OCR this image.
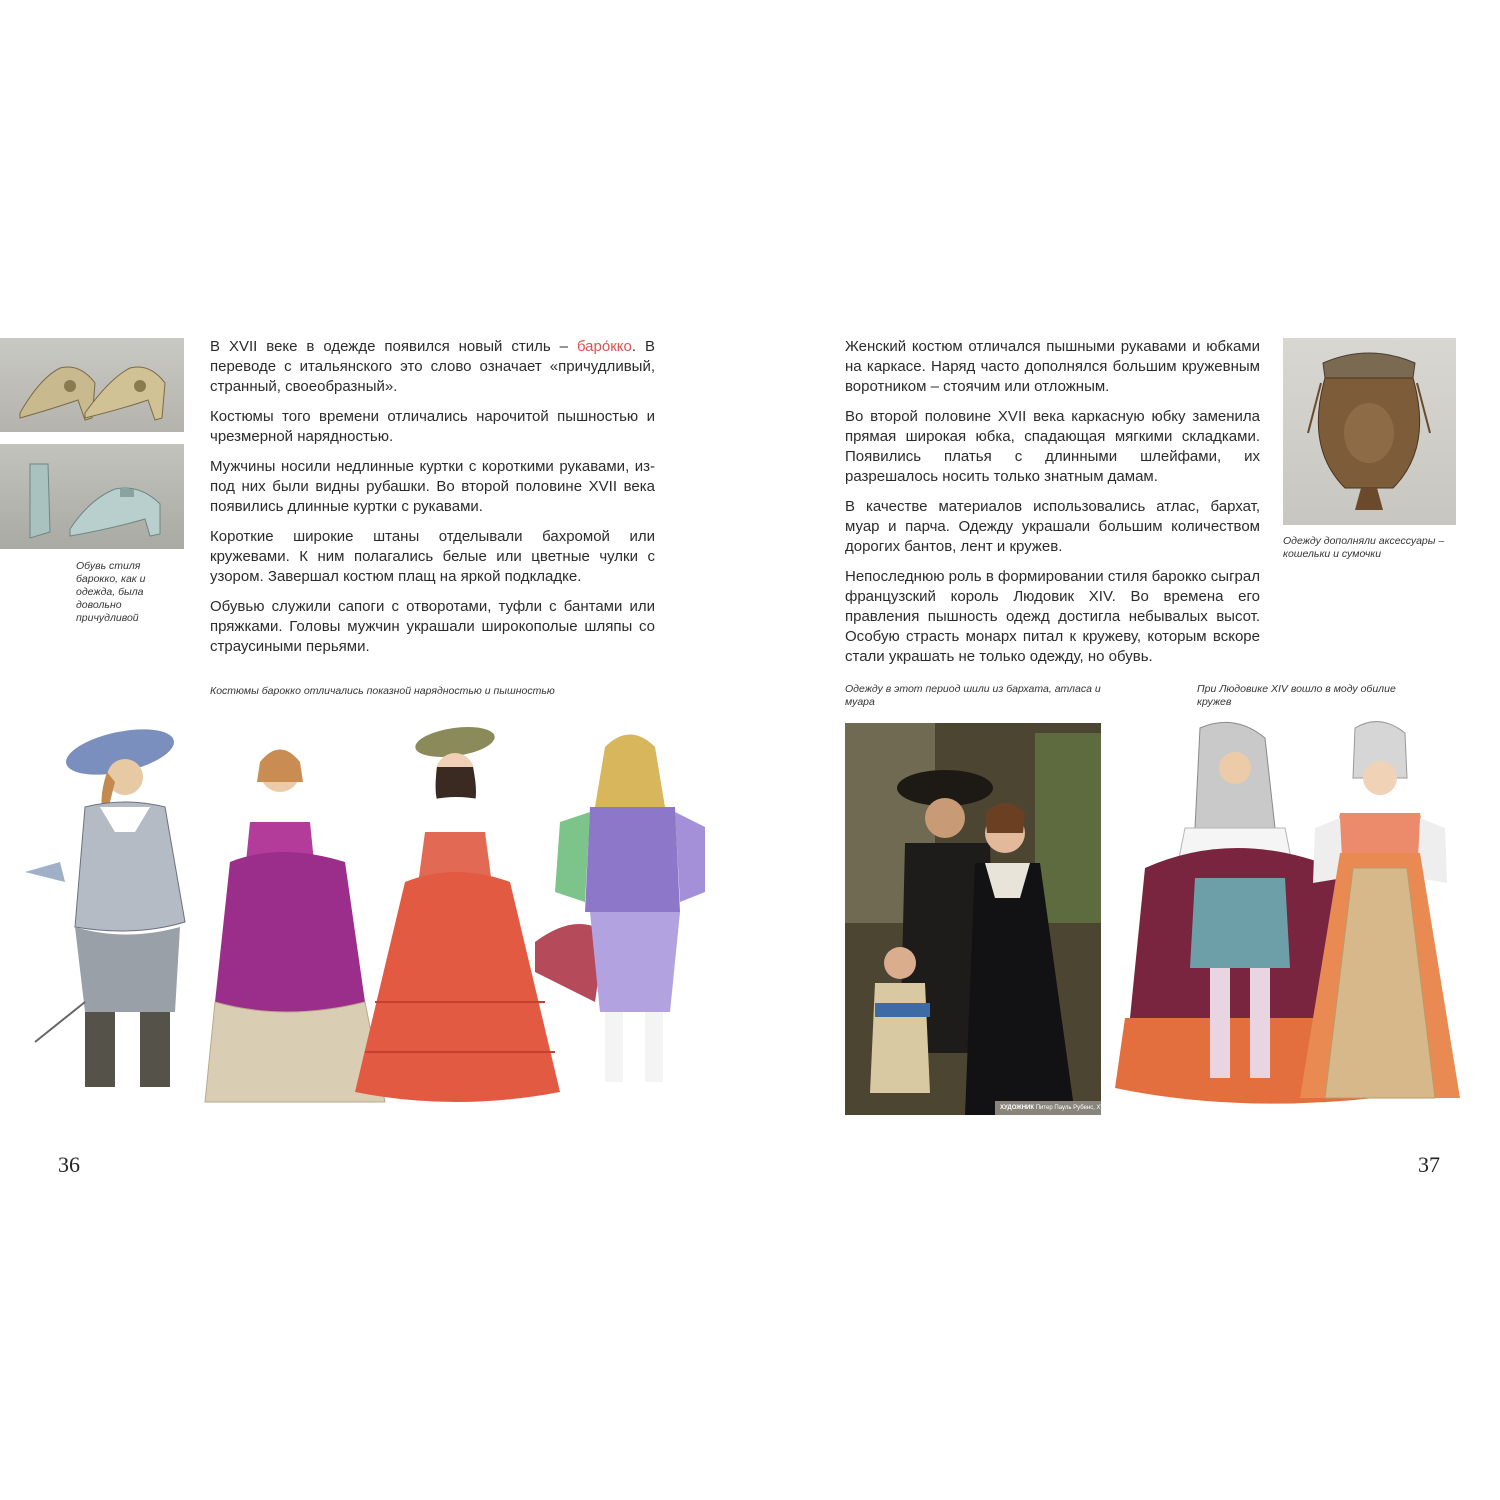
Обувь стиля барокко, как и одежда, была довольно причудливой

В XVII веке в одежде появился новый стиль – баро́кко. В переводе с итальянского это слово означает «причудливый, странный, своеобразный».

Костюмы того времени отличались нарочитой пышностью и чрезмерной нарядностью.

Мужчины носили недлинные куртки с короткими рукавами, из-под них были видны рубашки. Во второй половине XVII века появились длинные куртки с рукавами.

Короткие широкие штаны отделывали бахромой или кружевами. К ним полагались белые или цветные чулки с узором. Завершал костюм плащ на яркой подкладке.

Обувью служили сапоги с отворотами, туфли с бантами или пряжками. Головы мужчин украшали широкополые шляпы со страусиными перьями.

Костюмы барокко отличались показной нарядностью и пышностью
36

Женский костюм отличался пышными рукавами и юбками на каркасе. Наряд часто дополнялся большим кружевным воротником – стоячим или отложным.

Во второй половине XVII века каркасную юбку заменила прямая широкая юбка, спадающая мягкими складками. Появились платья с длинными шлейфами, их разрешалось носить только знатным дамам.

В качестве материалов использовались атлас, бархат, муар и парча. Одежду украшали большим количеством дорогих бантов, лент и кружев.

Непоследнюю роль в формировании стиля барокко сыграл французский король Людовик XIV. Во времена его правления пышность одежд достигла небывалых высот. Особую страсть монарх питал к кружеву, которым вскоре стали украшать не только одежду, но обувь.

Одежду дополняли аксессуары – кошельки и сумочки
Одежду в этот период шили из бархата, атласа и муара
При Людовике XIV вошло в моду обилие кружев
ХУДОЖНИК Питер Пауль Рубенс, XVII в.
37
